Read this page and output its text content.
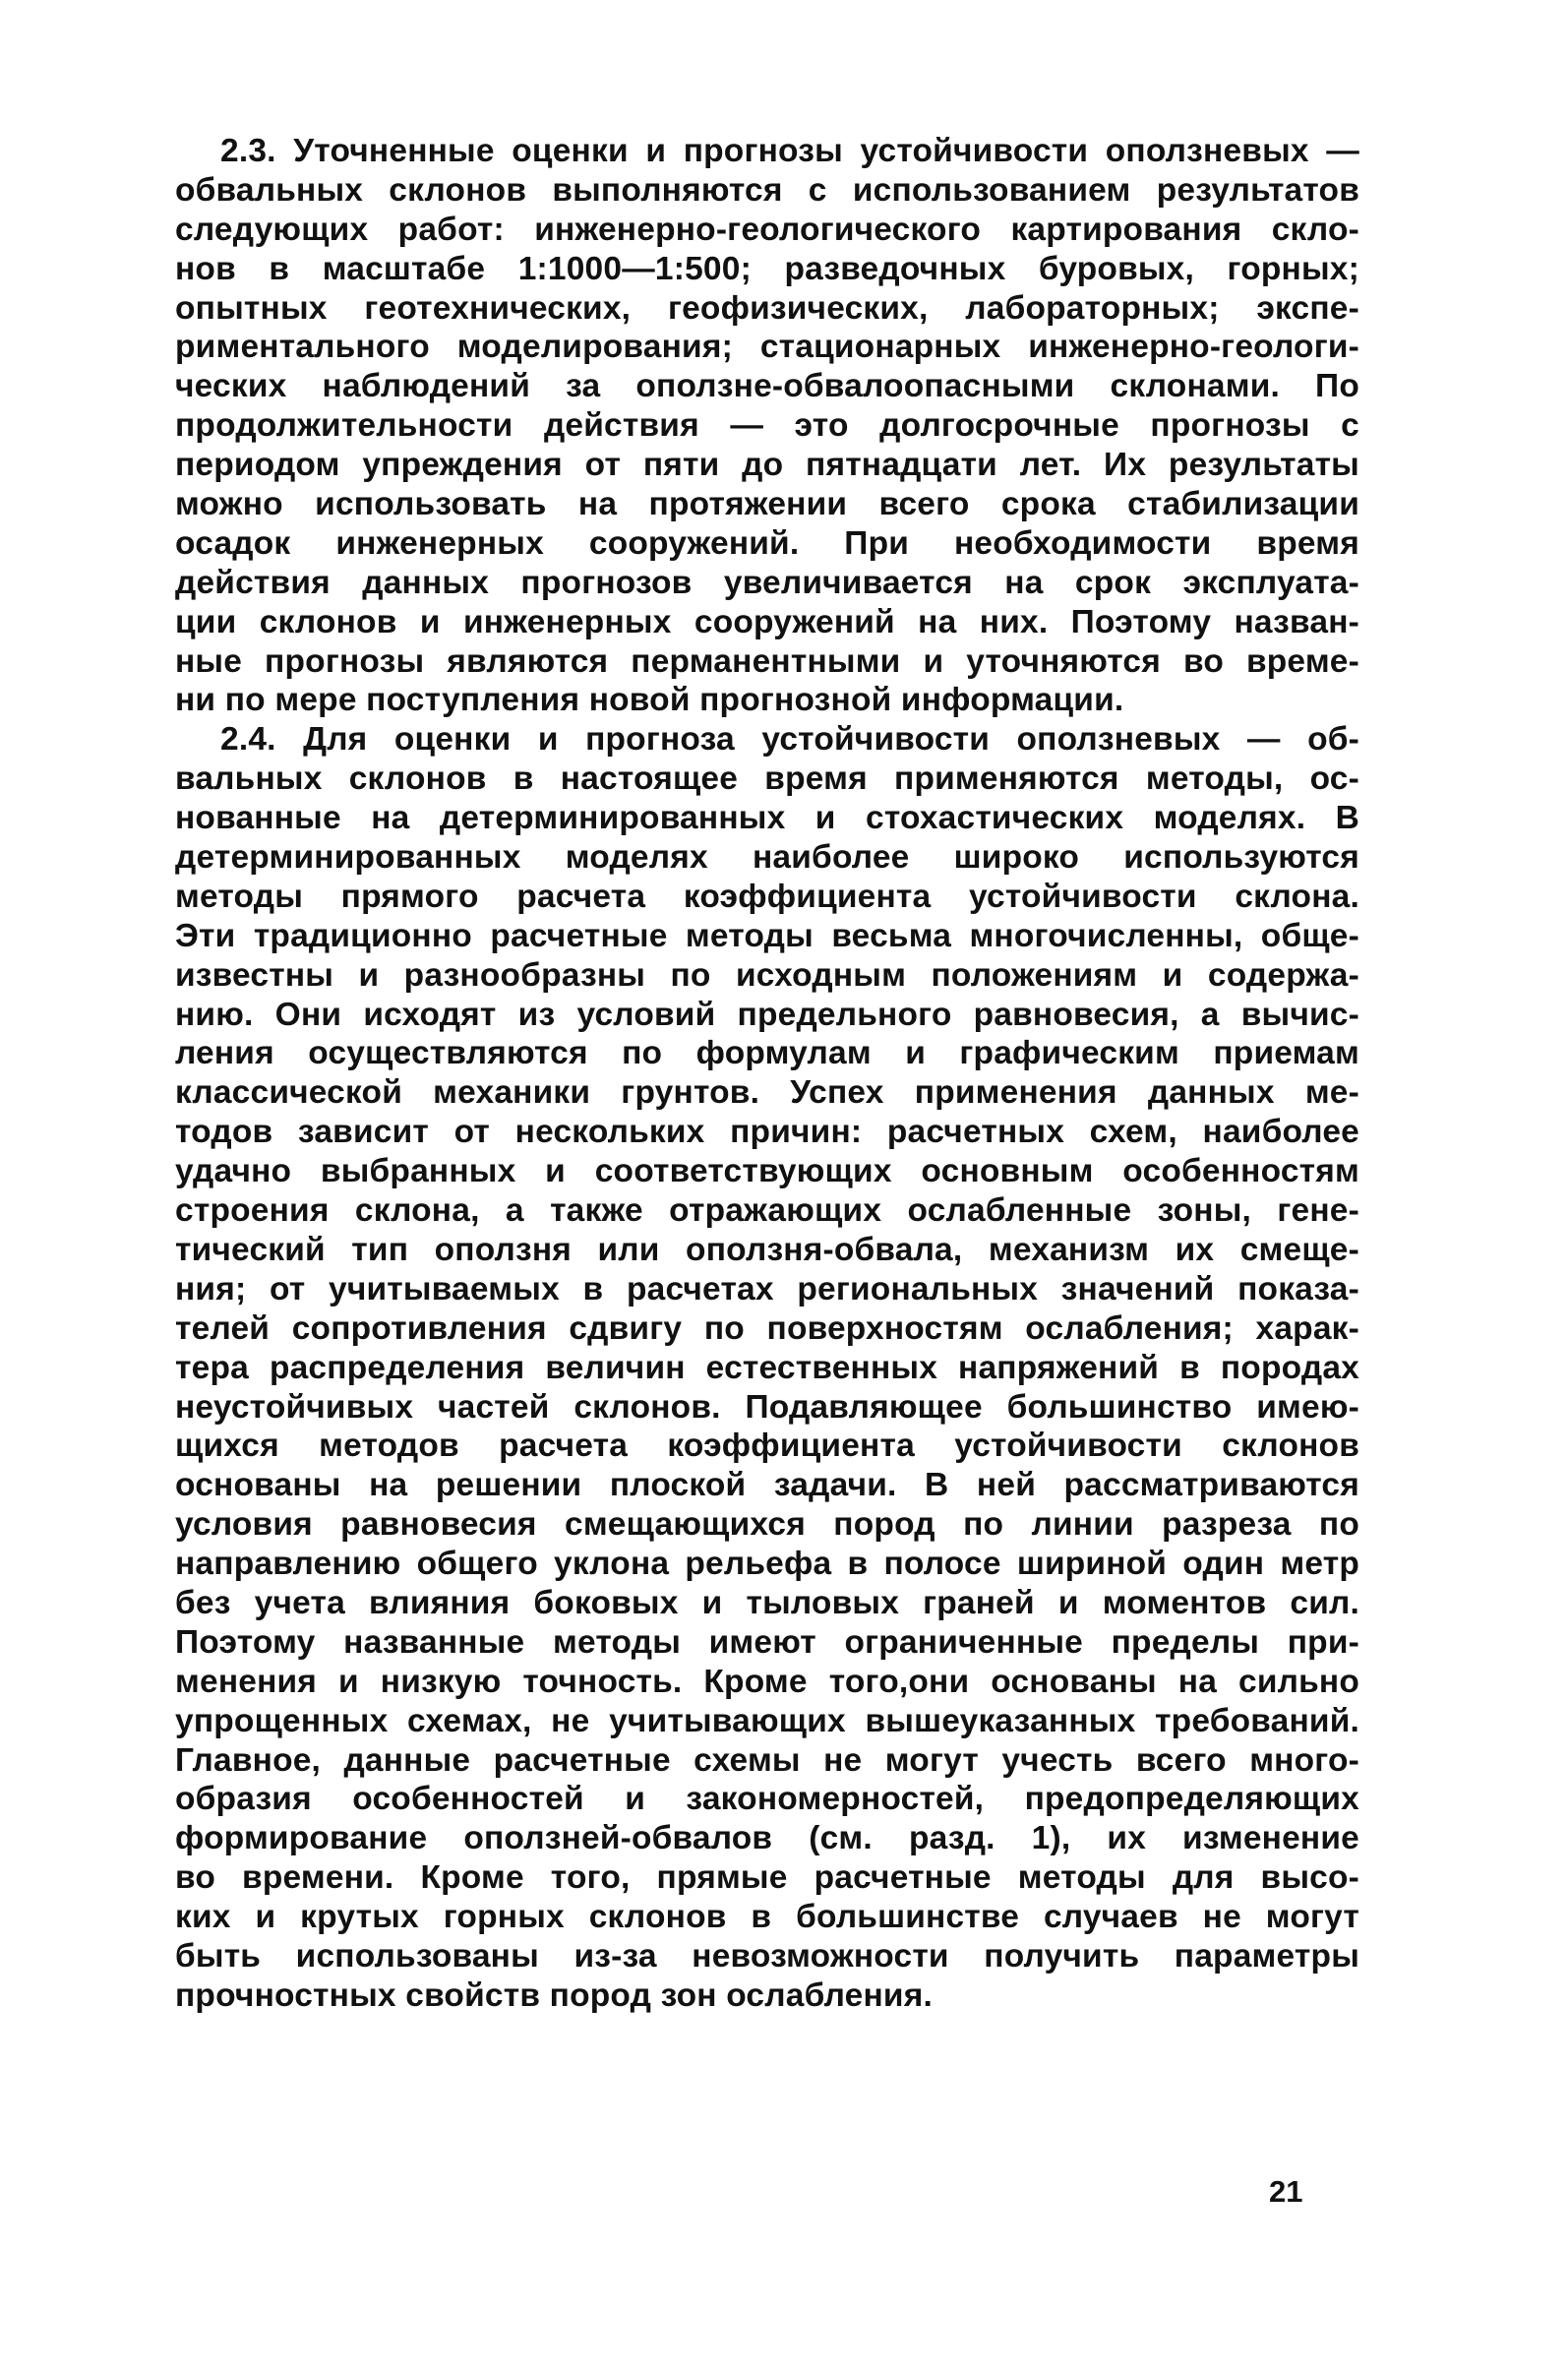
2.3. Уточненные оценки и прогнозы устойчивости оползневых —
обвальных склонов выполняются с использованием результатов
следующих работ: инженерно-геологического картирования скло-
нов в масштабе 1:1000—1:500; разведочных буровых, горных;
опытных геотехнических, геофизических, лабораторных; экспе-
риментального моделирования; стационарных инженерно-геологи-
ческих наблюдений за оползне-обвалоопасными склонами. По
продолжительности действия — это долгосрочные прогнозы с
периодом упреждения от пяти до пятнадцати лет. Их результаты
можно использовать на протяжении всего срока стабилизации
осадок инженерных сооружений. При необходимости время
действия данных прогнозов увеличивается на срок эксплуата-
ции склонов и инженерных сооружений на них. Поэтому назван-
ные прогнозы являются перманентными и уточняются во време-
ни по мере поступления новой прогнозной информации.
2.4. Для оценки и прогноза устойчивости оползневых — об-
вальных склонов в настоящее время применяются методы, ос-
нованные на детерминированных и стохастических моделях. В
детерминированных моделях наиболее широко используются
методы прямого расчета коэффициента устойчивости склона.
Эти традиционно расчетные методы весьма многочисленны, обще-
известны и разнообразны по исходным положениям и содержа-
нию. Они исходят из условий предельного равновесия, а вычис-
ления осуществляются по формулам и графическим приемам
классической механики грунтов. Успех применения данных ме-
тодов зависит от нескольких причин: расчетных схем, наиболее
удачно выбранных и соответствующих основным особенностям
строения склона, а также отражающих ослабленные зоны, гене-
тический тип оползня или оползня-обвала, механизм их смеще-
ния; от учитываемых в расчетах региональных значений показа-
телей сопротивления сдвигу по поверхностям ослабления; харак-
тера распределения величин естественных напряжений в породах
неустойчивых частей склонов. Подавляющее большинство имею-
щихся методов расчета коэффициента устойчивости склонов
основаны на решении плоской задачи. В ней рассматриваются
условия равновесия смещающихся пород по линии разреза по
направлению общего уклона рельефа в полосе шириной один метр
без учета влияния боковых и тыловых граней и моментов сил.
Поэтому названные методы имеют ограниченные пределы при-
менения и низкую точность. Кроме того,они основаны на сильно
упрощенных схемах, не учитывающих вышеуказанных требований.
Главное, данные расчетные схемы не могут учесть всего много-
образия особенностей и закономерностей, предопределяющих
формирование оползней-обвалов (см. разд. 1), их изменение
во времени. Кроме того, прямые расчетные методы для высо-
ких и крутых горных склонов в большинстве случаев не могут
быть использованы из-за невозможности получить параметры
прочностных свойств пород зон ослабления.
21
